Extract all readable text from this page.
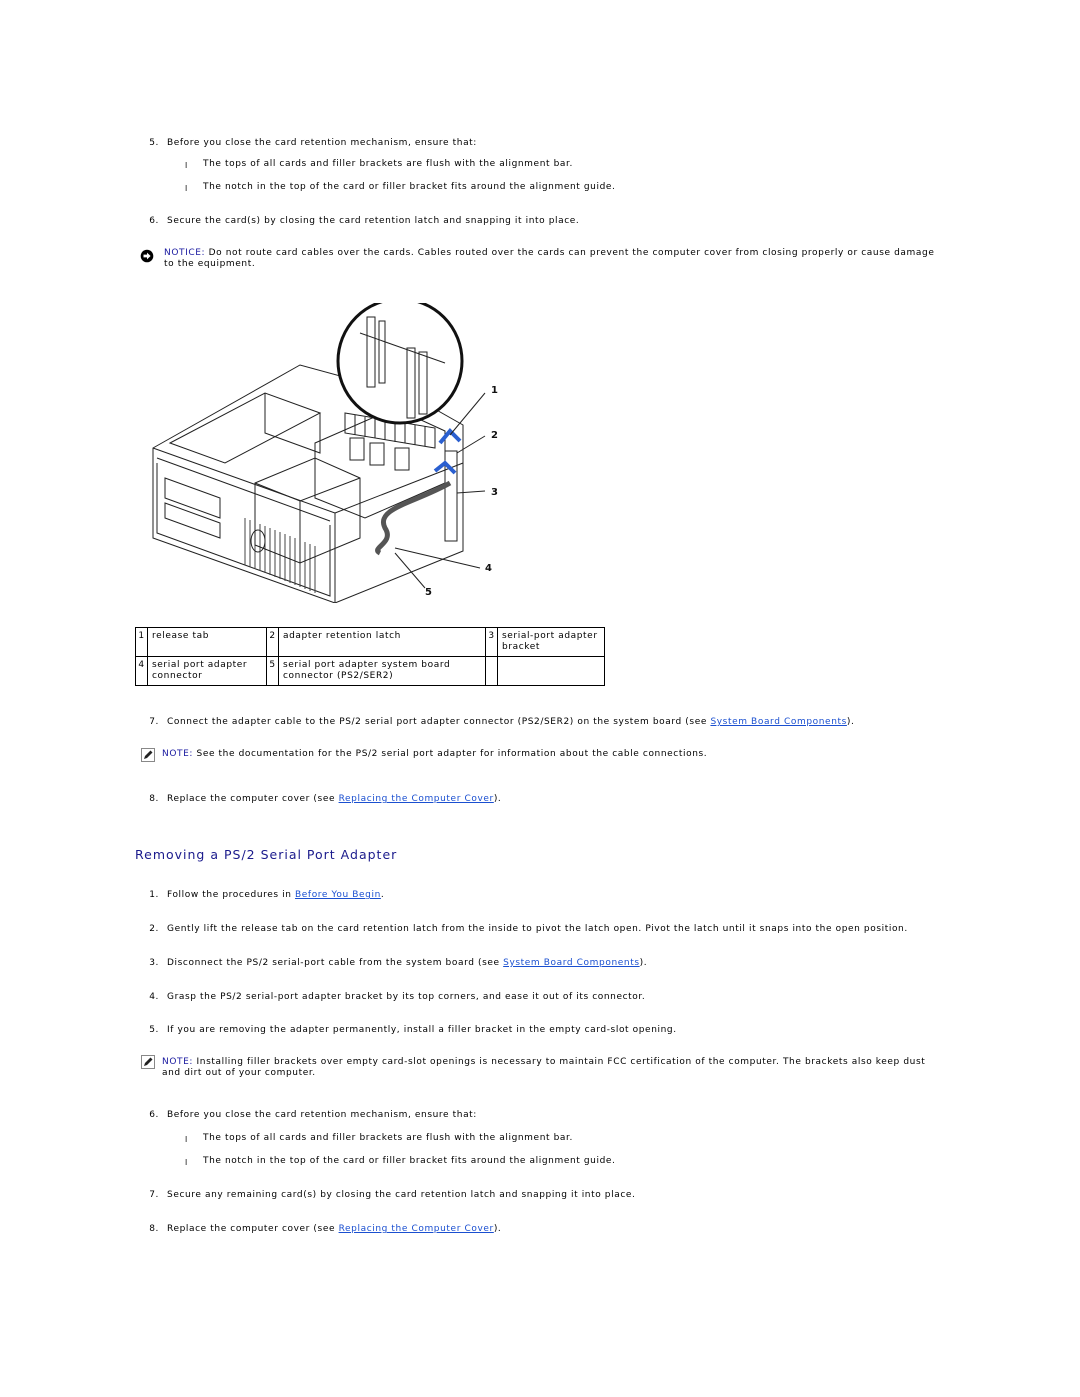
5. Before you close the card retention mechanism, ensure that:
l The tops of all cards and filler brackets are flush with the alignment bar.
l The notch in the top of the card or filler bracket fits around the alignment guide.
6. Secure the card(s) by closing the card retention latch and snapping it into place.
NOTICE: Do not route card cables over the cards. Cables routed over the cards can prevent the computer cover from closing properly or cause damage
to the equipment.
1
2
3
4
5
1	release tab	2	adapter retention latch	3	serial-port adapter bracket
4	serial port adapter connector	5	serial port adapter system board connector (PS2/SER2)		
7. Connect the adapter cable to the PS/2 serial port adapter connector (PS2/SER2) on the system board (see System Board Components).
NOTE: See the documentation for the PS/2 serial port adapter for information about the cable connections.
8. Replace the computer cover (see Replacing the Computer Cover).
Removing a PS/2 Serial Port Adapter
1. Follow the procedures in Before You Begin.
2. Gently lift the release tab on the card retention latch from the inside to pivot the latch open. Pivot the latch until it snaps into the open position.
3. Disconnect the PS/2 serial-port cable from the system board (see System Board Components).
4. Grasp the PS/2 serial-port adapter bracket by its top corners, and ease it out of its connector.
5. If you are removing the adapter permanently, install a filler bracket in the empty card-slot opening.
NOTE: Installing filler brackets over empty card-slot openings is necessary to maintain FCC certification of the computer. The brackets also keep dust
and dirt out of your computer.
6. Before you close the card retention mechanism, ensure that:
l The tops of all cards and filler brackets are flush with the alignment bar.
l The notch in the top of the card or filler bracket fits around the alignment guide.
7. Secure any remaining card(s) by closing the card retention latch and snapping it into place.
8. Replace the computer cover (see Replacing the Computer Cover).
